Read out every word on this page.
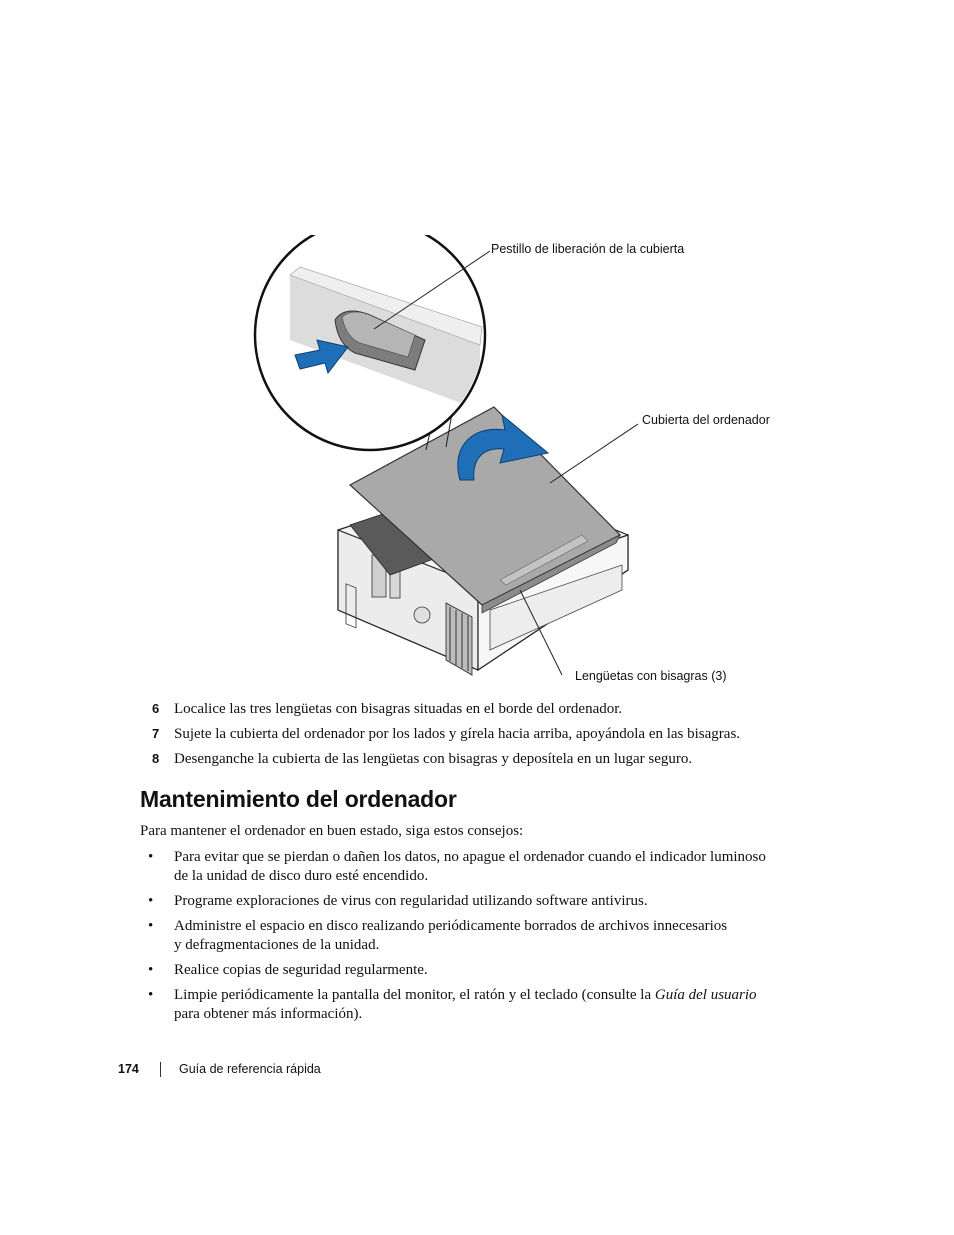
Pestillo de liberación de la cubierta
Cubierta del ordenador
Lengüetas con bisagras (3)
6 Localice las tres lengüetas con bisagras situadas en el borde del ordenador.
7 Sujete la cubierta del ordenador por los lados y gírela hacia arriba, apoyándola en las bisagras.
8 Desenganche la cubierta de las lengüetas con bisagras y deposítela en un lugar seguro.
Mantenimiento del ordenador
Para mantener el ordenador en buen estado, siga estos consejos:
• Para evitar que se pierdan o dañen los datos, no apague el ordenador cuando el indicador luminoso
de la unidad de disco duro esté encendido.
• Programe exploraciones de virus con regularidad utilizando software antivirus.
• Administre el espacio en disco realizando periódicamente borrados de archivos innecesarios
y defragmentaciones de la unidad.
• Realice copias de seguridad regularmente.
• Limpie periódicamente la pantalla del monitor, el ratón y el teclado (consulte la Guía del usuario
para obtener más información).
174	Guía de referencia rápida
